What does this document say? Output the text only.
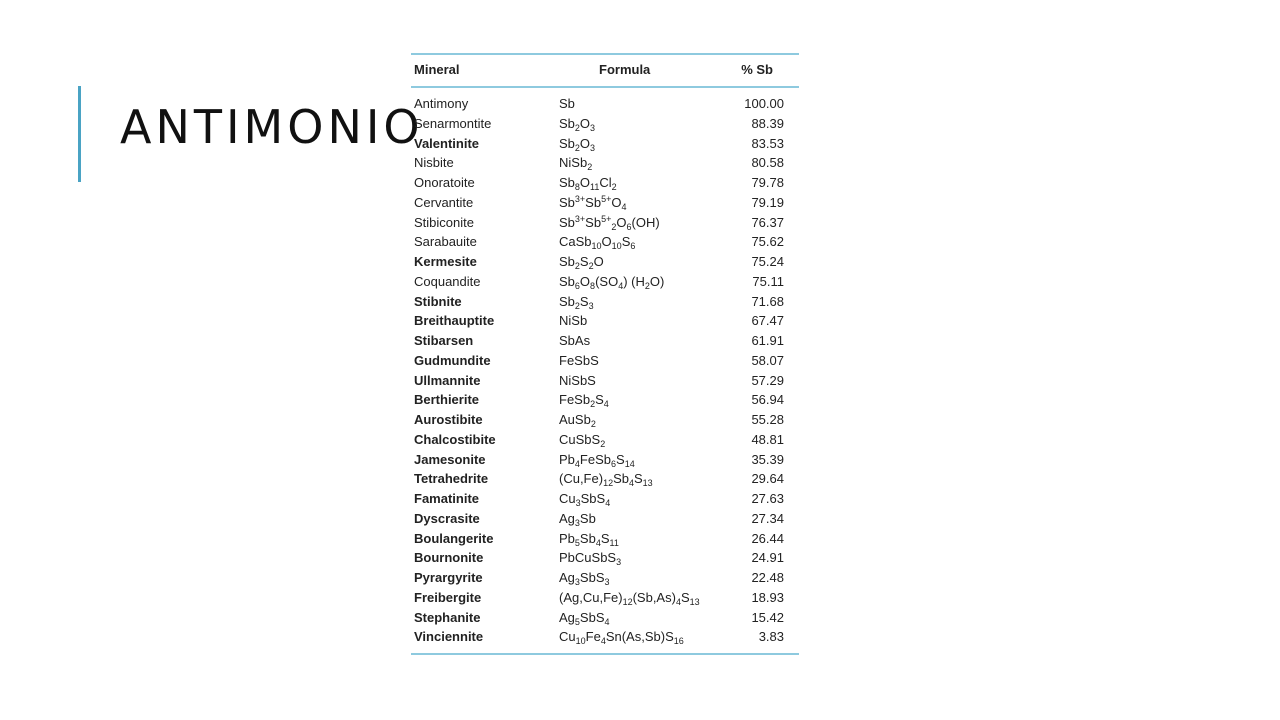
ANTIMONIO
Mineral	Formula	% Sb
Antimony	Sb	100.00
Senarmontite	$Sb_2O_3$	88.39
Valentinite	$Sb_2O_3$	83.53
Nisbite	NiSb$_2$	80.58
Onoratoite	$Sb_8O_{11}Cl_2$	79.78
Cervantite	$Sb^{3+}Sb^{5+}O_4$	79.19
Stibiconite	$Sb^{3+}Sb^{5+}_2O_6(OH)$	76.37
Sarabauite	$CaSb_{10}O_{10}S_6$	75.62
Kermesite	$Sb_2S_2O$	75.24
Coquandite	$Sb_6O_8(SO_4)$ $(H_2O)$	75.11
Stibnite	$Sb_2S_3$	71.68
Breithauptite	NiSb	67.47
Stibarsen	SbAs	61.91
Gudmundite	FeSbS	58.07
Ullmannite	NiSbS	57.29
Berthierite	$FeSb_2S_4$	56.94
Aurostibite	AuSb$_2$	55.28
Chalcostibite	CuSbS$_2$	48.81
Jamesonite	$Pb_4FeSb_6S_{14}$	35.39
Tetrahedrite	$(Cu,Fe)_{12}Sb_4S_{13}$	29.64
Famatinite	$Cu_3SbS_4$	27.63
Dyscrasite	$Ag_3Sb$	27.34
Boulangerite	$Pb_5Sb_4S_{11}$	26.44
Bournonite	PbCuSbS$_3$	24.91
Pyrargyrite	$Ag_3SbS_3$	22.48
Freibergite	$(Ag,Cu,Fe)_{12}(Sb,As)_4S_{13}$	18.93
Stephanite	$Ag_5SbS_4$	15.42
Vinciennite	$Cu_{10}Fe_4Sn(As,Sb)S_{16}$	3.83
